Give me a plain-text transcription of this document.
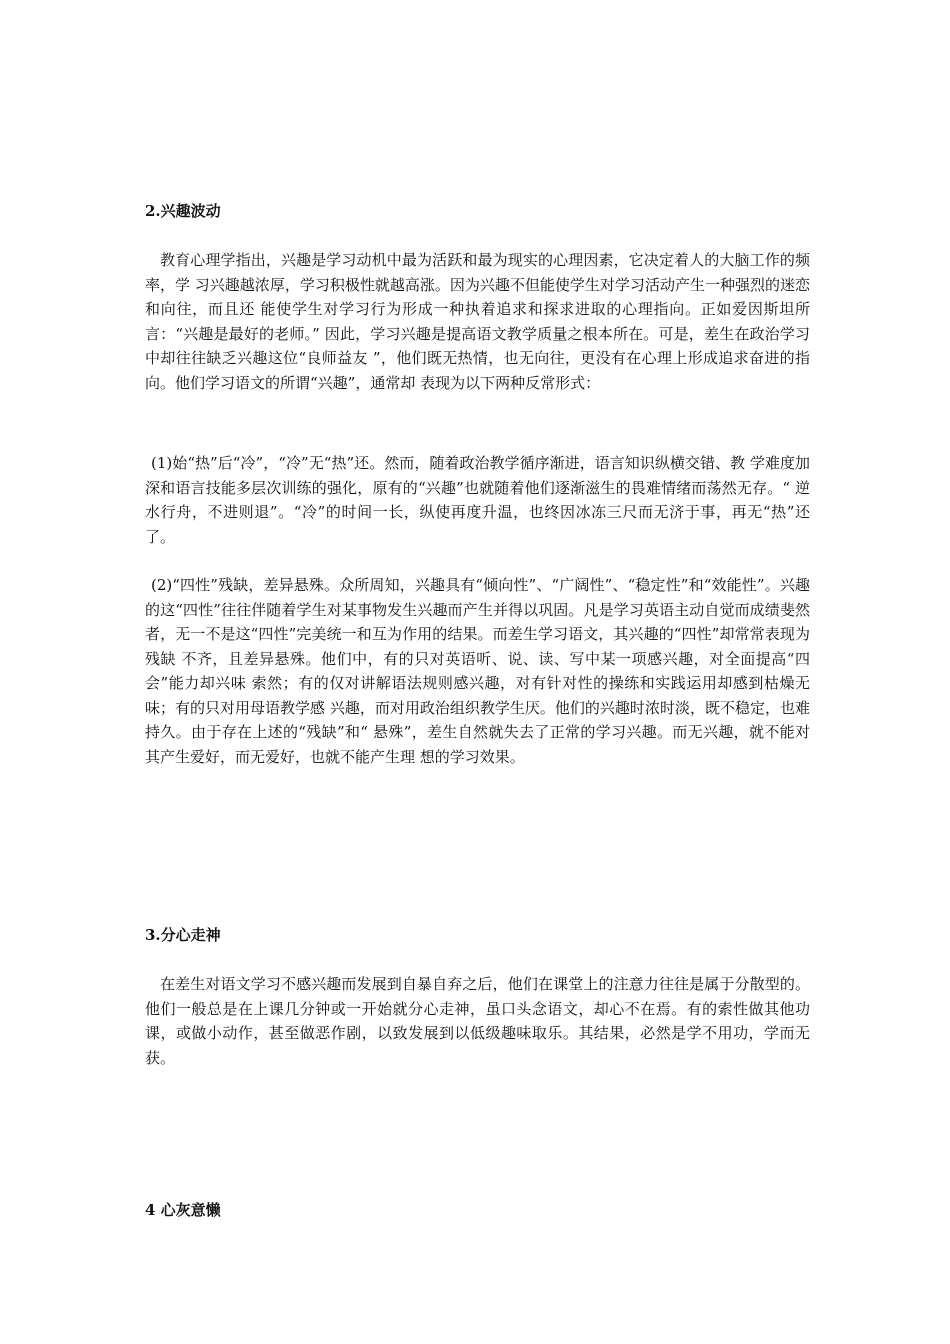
2.兴趣波动

教育心理学指出，兴趣是学习动机中最为活跃和最为现实的心理因素，它决定着人的大脑工作的频率，学 习兴趣越浓厚，学习积极性就越高涨。因为兴趣不但能使学生对学习活动产生一种强烈的迷恋和向往，而且还 能使学生对学习行为形成一种执着追求和探求进取的心理指向。正如爱因斯坦所言：“兴趣是最好的老师。” 因此，学习兴趣是提高语文教学质量之根本所在。可是，差生在政治学习中却往往缺乏兴趣这位“良师益友 ”，他们既无热情，也无向往，更没有在心理上形成追求奋进的指向。他们学习语文的所谓“兴趣”，通常却 表现为以下两种反常形式：

(1)始“热”后“冷”，“冷”无“热”还。然而，随着政治教学循序渐进，语言知识纵横交错、教 学难度加深和语言技能多层次训练的强化，原有的“兴趣”也就随着他们逐渐滋生的畏难情绪而荡然无存。“ 逆水行舟，不进则退”。“冷”的时间一长，纵使再度升温，也终因冰冻三尺而无济于事，再无“热”还了。

(2)“四性”残缺，差异悬殊。众所周知，兴趣具有“倾向性”、“广阔性”、“稳定性”和“效能性”。兴趣的这“四性”往往伴随着学生对某事物发生兴趣而产生并得以巩固。凡是学习英语主动自觉而成绩斐然者，无一不是这“四性”完美统一和互为作用的结果。而差生学习语文，其兴趣的“四性”却常常表现为残缺 不齐，且差异悬殊。他们中，有的只对英语听、说、读、写中某一项感兴趣，对全面提高“四会”能力却兴味 索然；有的仅对讲解语法规则感兴趣，对有针对性的操练和实践运用却感到枯燥无味；有的只对用母语教学感 兴趣，而对用政治组织教学生厌。他们的兴趣时浓时淡，既不稳定，也难持久。由于存在上述的“残缺”和“ 悬殊”，差生自然就失去了正常的学习兴趣。而无兴趣，就不能对其产生爱好，而无爱好，也就不能产生理 想的学习效果。

3.分心走神

在差生对语文学习不感兴趣而发展到自暴自弃之后，他们在课堂上的注意力往往是属于分散型的。他们一般总是在上课几分钟或一开始就分心走神，虽口头念语文，却心不在焉。有的索性做其他功课，或做小动作，甚至做恶作剧，以致发展到以低级趣味取乐。其结果，必然是学不用功，学而无获。

4 心灰意懒
